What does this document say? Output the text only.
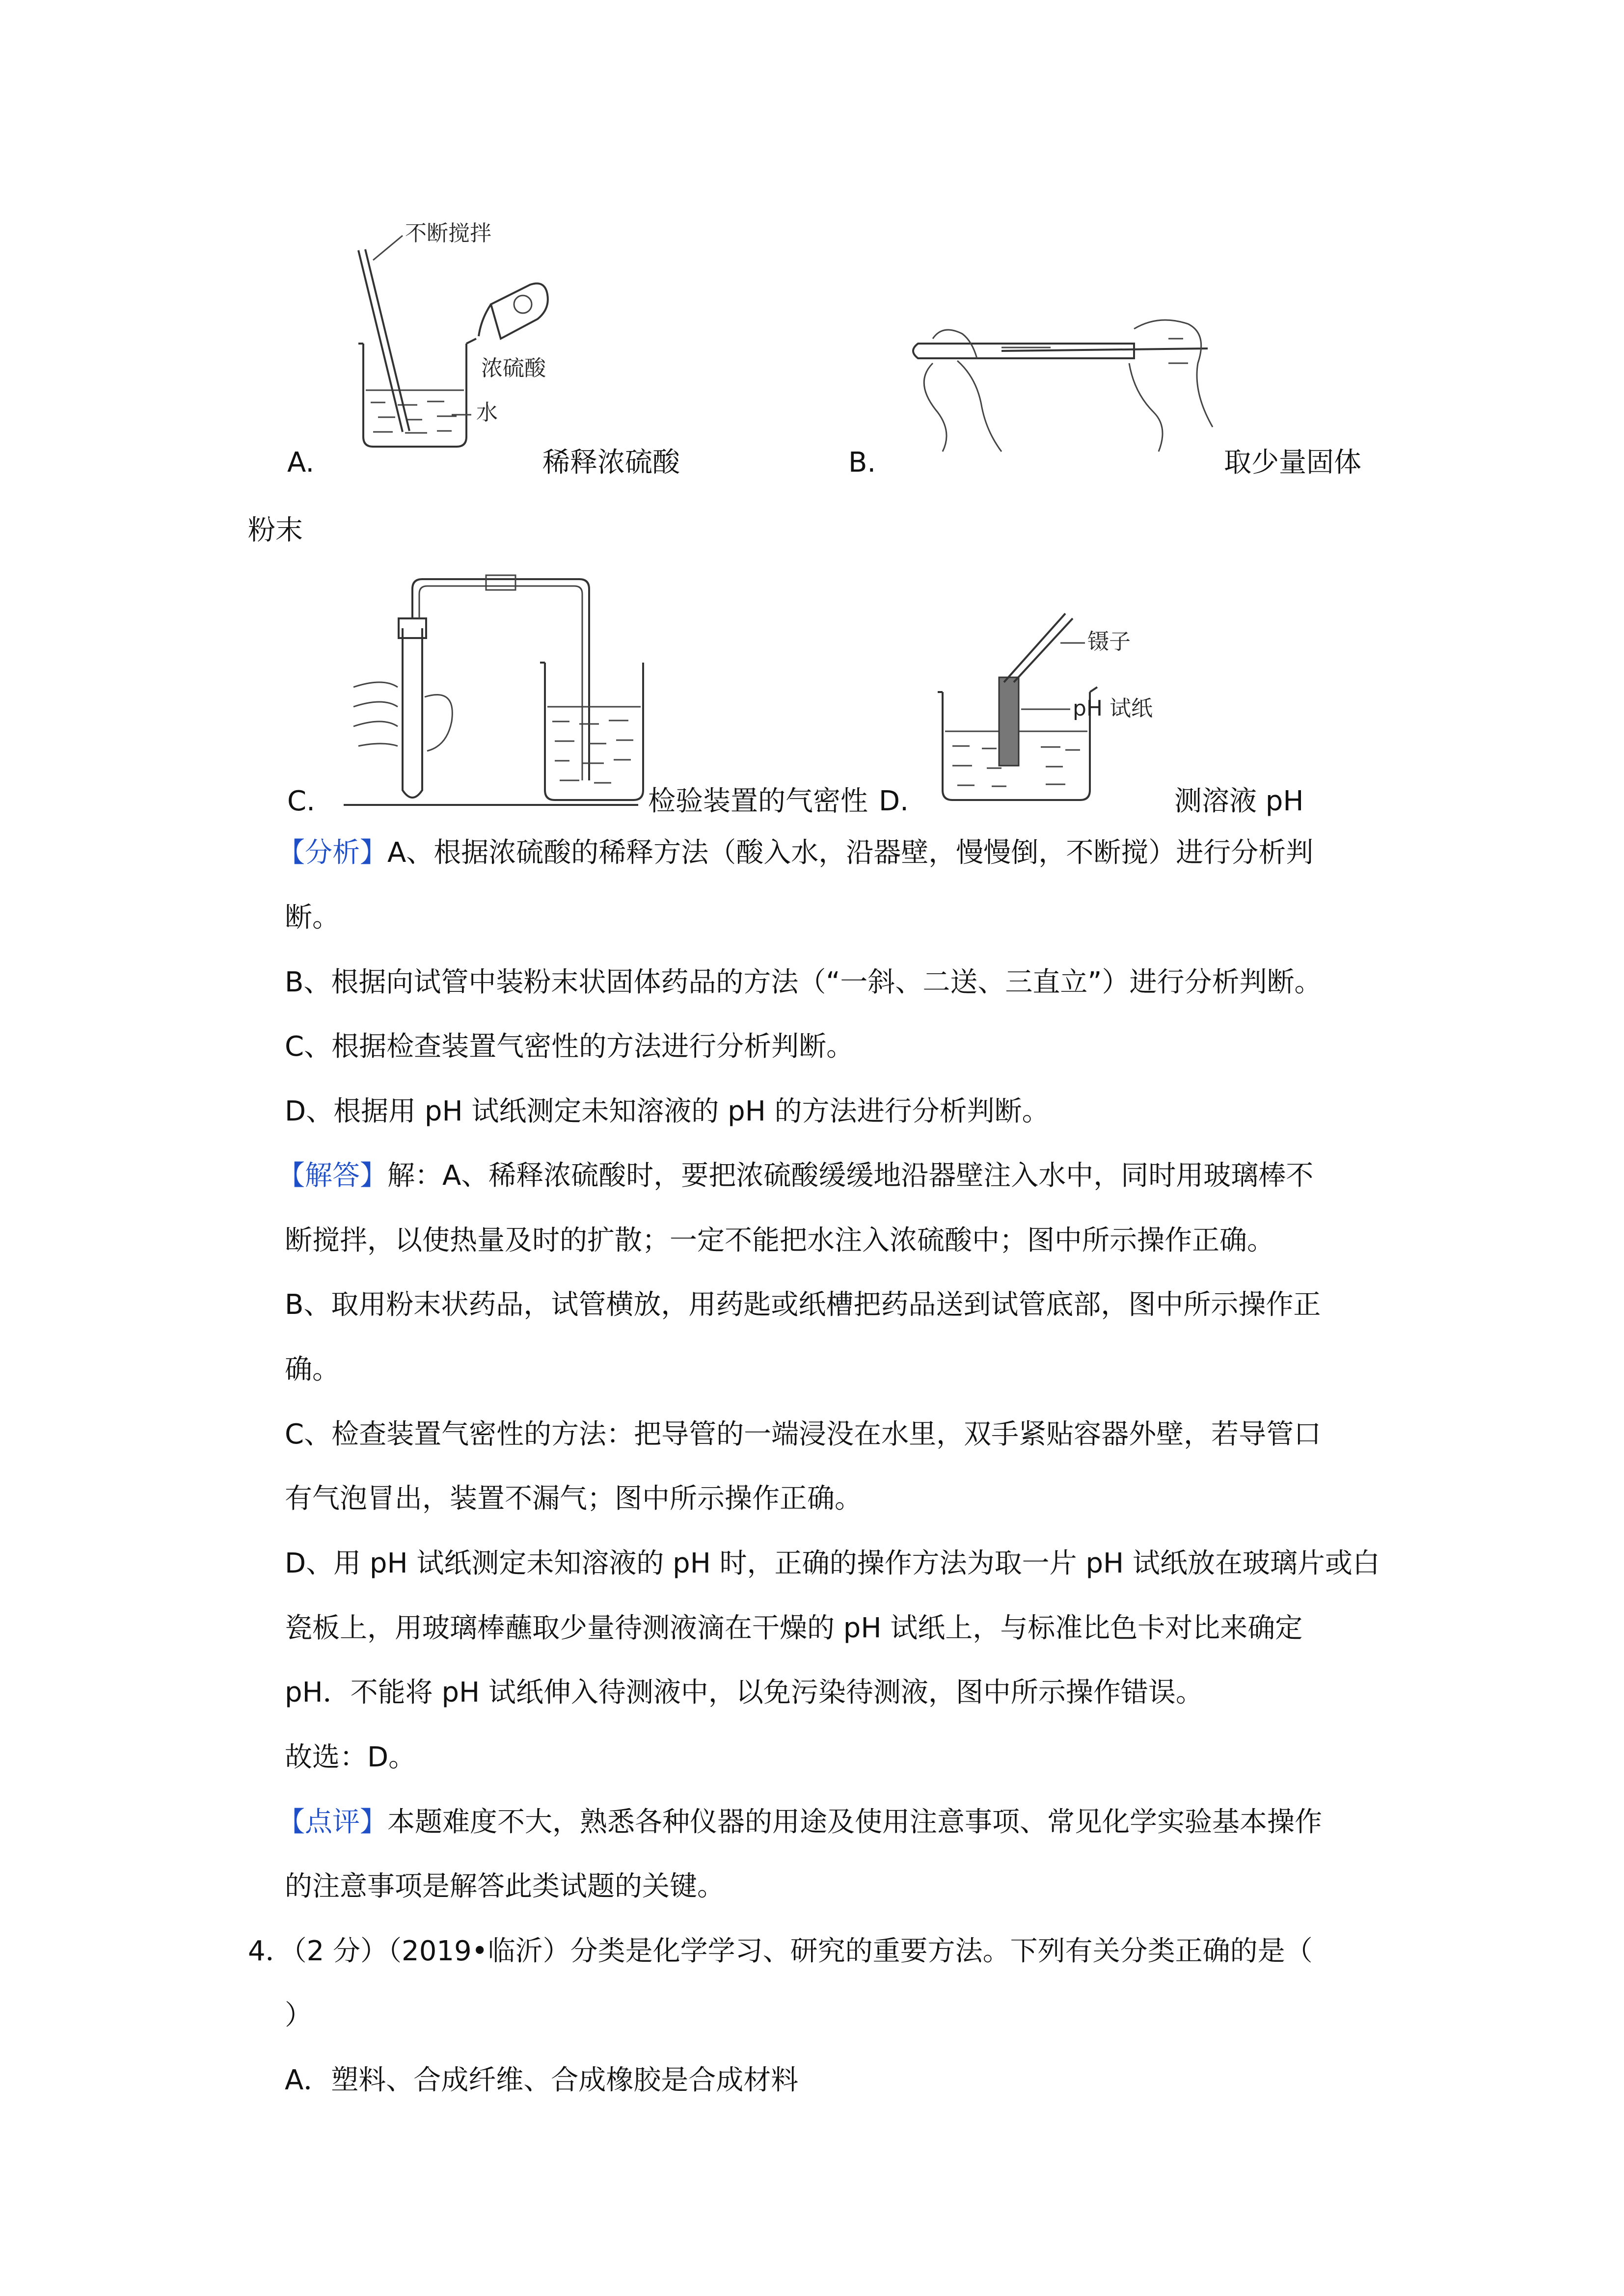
不断搅拌
浓硫酸
水
A.	稀释浓硫酸	B.	取少量固体
粉末
C.	检验装置的气密性
镊子
pH 试纸
D.	测溶液 pH
【分析】A、根据浓硫酸的稀释方法（酸入水，沿器壁，慢慢倒，不断搅）进行分析判
断。
B、根据向试管中装粉末状固体药品的方法（“一斜、二送、三直立”）进行分析判断。
C、根据检查装置气密性的方法进行分析判断。
D、根据用 pH 试纸测定未知溶液的 pH 的方法进行分析判断。
【解答】解：A、稀释浓硫酸时，要把浓硫酸缓缓地沿器壁注入水中，同时用玻璃棒不
断搅拌，以使热量及时的扩散；一定不能把水注入浓硫酸中；图中所示操作正确。
B、取用粉末状药品，试管横放，用药匙或纸槽把药品送到试管底部，图中所示操作正
确。
C、检查装置气密性的方法：把导管的一端浸没在水里，双手紧贴容器外壁，若导管口
有气泡冒出，装置不漏气；图中所示操作正确。
D、用 pH 试纸测定未知溶液的 pH 时，正确的操作方法为取一片 pH 试纸放在玻璃片或白
瓷板上，用玻璃棒蘸取少量待测液滴在干燥的 pH 试纸上，与标准比色卡对比来确定
pH．不能将 pH 试纸伸入待测液中，以免污染待测液，图中所示操作错误。
故选：D。
【点评】本题难度不大，熟悉各种仪器的用途及使用注意事项、常见化学实验基本操作
的注意事项是解答此类试题的关键。
4．（2 分）（2019•临沂）分类是化学学习、研究的重要方法。下列有关分类正确的是（
）
A．塑料、合成纤维、合成橡胶是合成材料
